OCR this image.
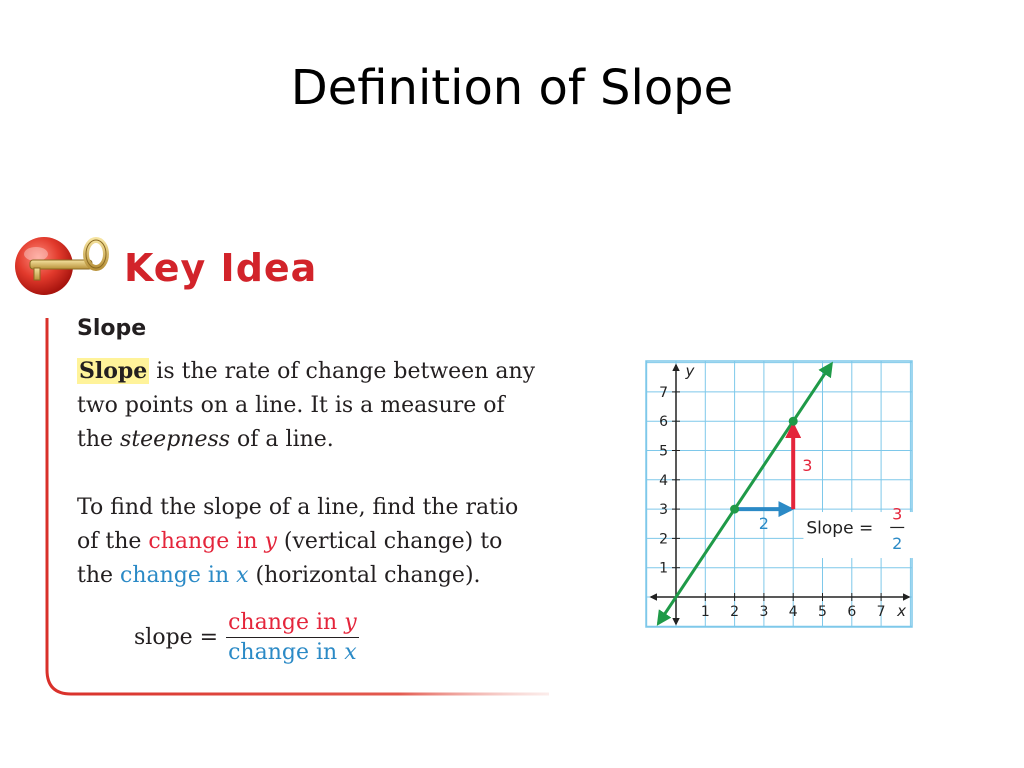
Definition of Slope
Key Idea
Slope
Slope is the rate of change between any
two points on a line. It is a measure of
the steepness of a line.
To find the slope of a line, find the ratio
of the change in y (vertical change) to
the change in x (horizontal change).
slope = $\frac{\text{change in y}}{\text{change in x}}$	1 2 3 4 5 6 7
1
2
3
4
5
6
7
x
y
2
3
Slope =
3
2
